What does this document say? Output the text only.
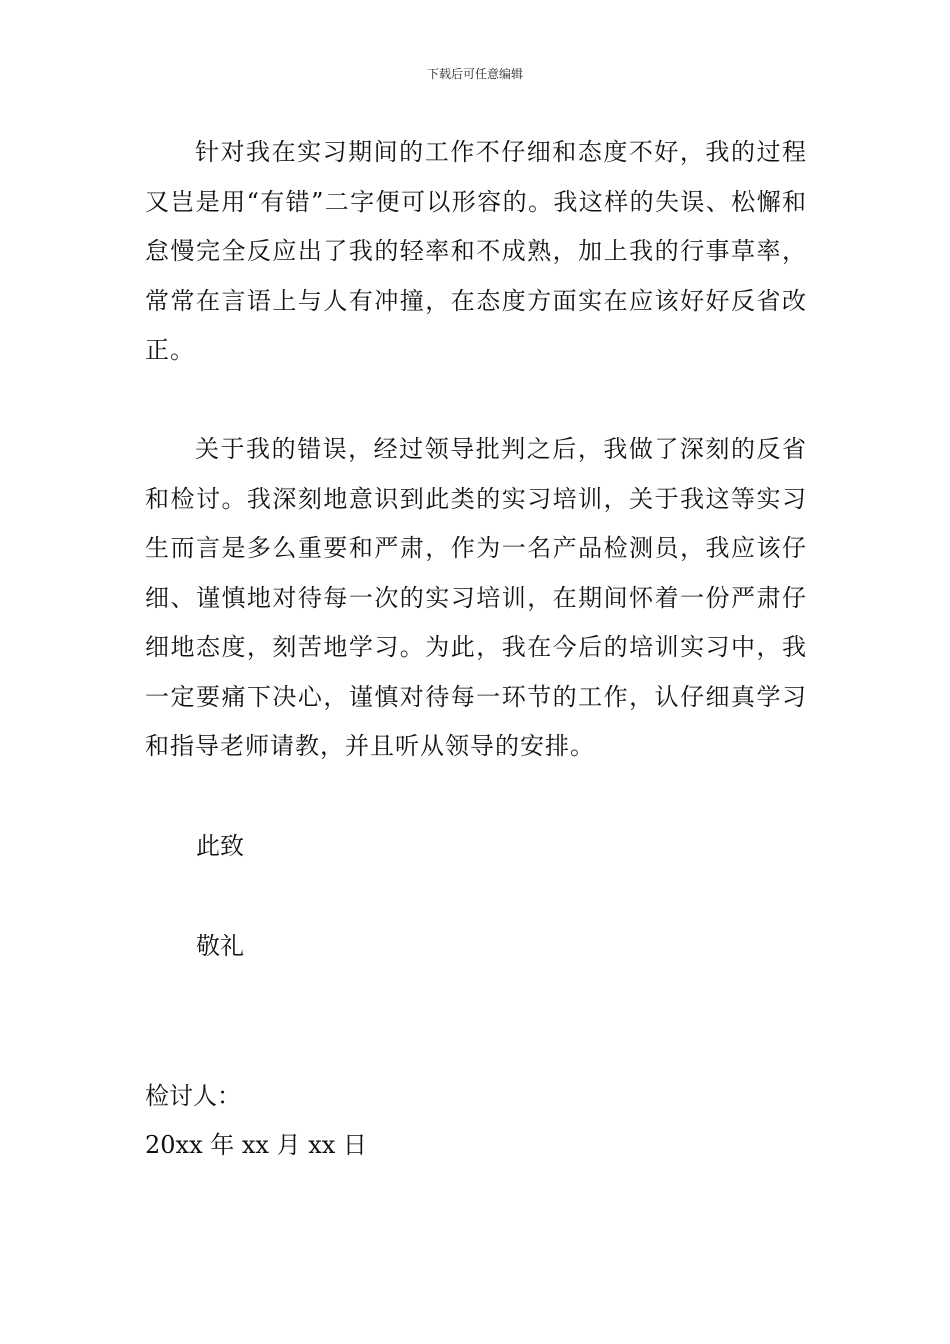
下载后可任意编辑

针对我在实习期间的工作不仔细和态度不好，我的过程又岂是用“有错”二字便可以形容的。我这样的失误、松懈和怠慢完全反应出了我的轻率和不成熟，加上我的行事草率，常常在言语上与人有冲撞，在态度方面实在应该好好反省改正。

关于我的错误，经过领导批判之后，我做了深刻的反省和检讨。我深刻地意识到此类的实习培训，关于我这等实习生而言是多么重要和严肃，作为一名产品检测员，我应该仔细、谨慎地对待每一次的实习培训，在期间怀着一份严肃仔细地态度，刻苦地学习。为此，我在今后的培训实习中，我一定要痛下决心，谨慎对待每一环节的工作，认仔细真学习和指导老师请教，并且听从领导的安排。

此致

敬礼

检讨人：

20xx 年 xx 月 xx 日
